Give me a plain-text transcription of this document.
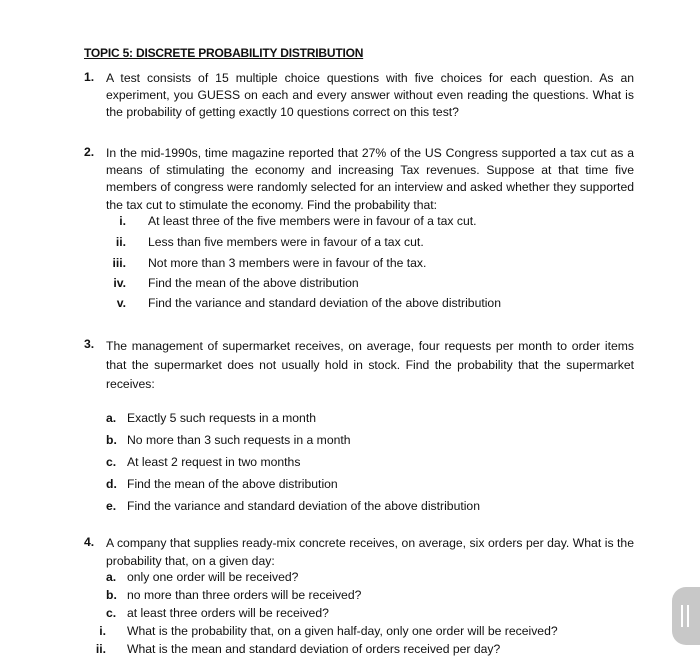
TOPIC 5: DISCRETE PROBABILITY DISTRIBUTION
1. A test consists of 15 multiple choice questions with five choices for each question. As an experiment, you GUESS on each and every answer without even reading the questions. What is the probability of getting exactly 10 questions correct on this test?
2. In the mid-1990s, time magazine reported that 27% of the US Congress supported a tax cut as a means of stimulating the economy and increasing Tax revenues. Suppose at that time five members of congress were randomly selected for an interview and asked whether they supported the tax cut to stimulate the economy. Find the probability that:
i. At least three of the five members were in favour of a tax cut.
ii. Less than five members were in favour of a tax cut.
iii. Not more than 3 members were in favour of the tax.
iv. Find the mean of the above distribution
v. Find the variance and standard deviation of the above distribution
3. The management of supermarket receives, on average, four requests per month to order items that the supermarket does not usually hold in stock. Find the probability that the supermarket receives:
a. Exactly 5 such requests in a month
b. No more than 3 such requests in a month
c. At least 2 request in two months
d. Find the mean of the above distribution
e. Find the variance and standard deviation of the above distribution
4. A company that supplies ready-mix concrete receives, on average, six orders per day. What is the probability that, on a given day:
a. only one order will be received?
b. no more than three orders will be received?
c. at least three orders will be received?
i. What is the probability that, on a given half-day, only one order will be received?
ii. What is the mean and standard deviation of orders received per day?
